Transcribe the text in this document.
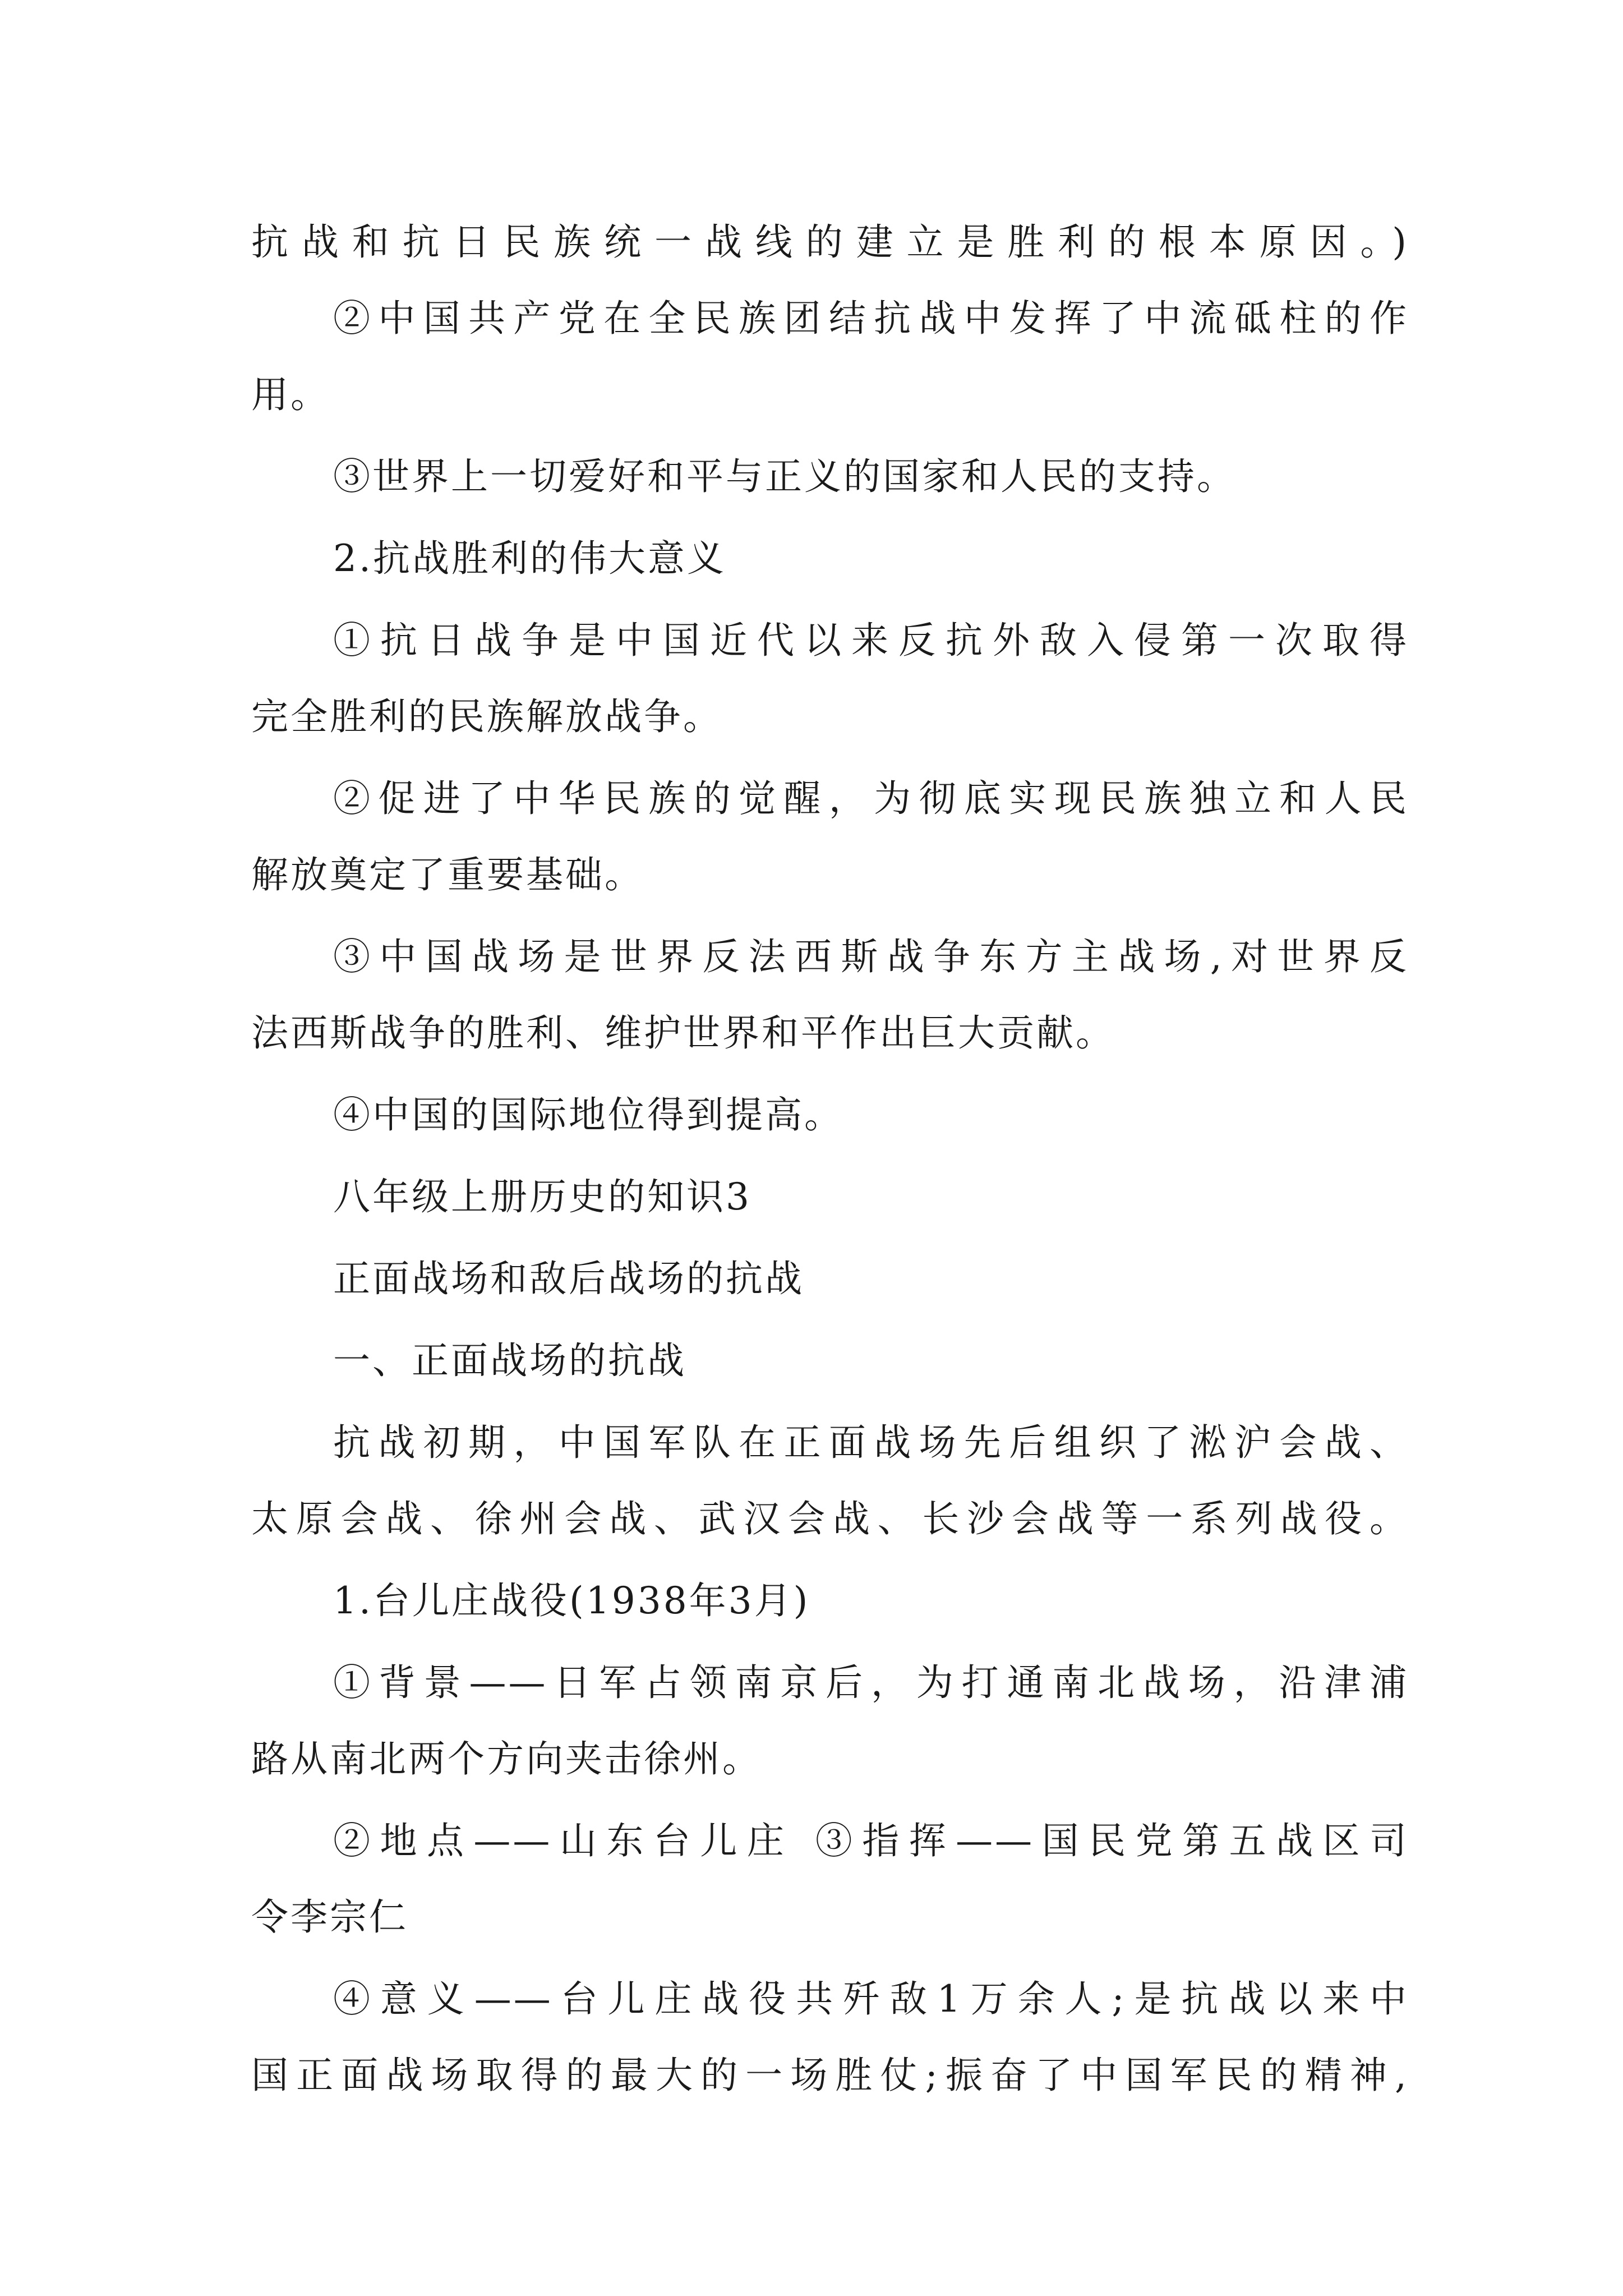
抗战和抗日民族统一战线的建立是胜利的根本原因。)

②中国共产党在全民族团结抗战中发挥了中流砥柱的作

用。

③世界上一切爱好和平与正义的国家和人民的支持。

2.抗战胜利的伟大意义

①抗日战争是中国近代以来反抗外敌入侵第一次取得

完全胜利的民族解放战争。

②促进了中华民族的觉醒，为彻底实现民族独立和人民

解放奠定了重要基础。

③中国战场是世界反法西斯战争东方主战场,对世界反

法西斯战争的胜利、维护世界和平作出巨大贡献。

④中国的国际地位得到提高。

八年级上册历史的知识3

正面战场和敌后战场的抗战

一、正面战场的抗战

抗战初期，中国军队在正面战场先后组织了淞沪会战、

太原会战、徐州会战、武汉会战、长沙会战等一系列战役。

1.台儿庄战役(1938年3月)

①背景——日军占领南京后，为打通南北战场，沿津浦

路从南北两个方向夹击徐州。

②地点——山东台儿庄 ③指挥——国民党第五战区司

令李宗仁

④意义——台儿庄战役共歼敌1万余人;是抗战以来中

国正面战场取得的最大的一场胜仗;振奋了中国军民的精神,
